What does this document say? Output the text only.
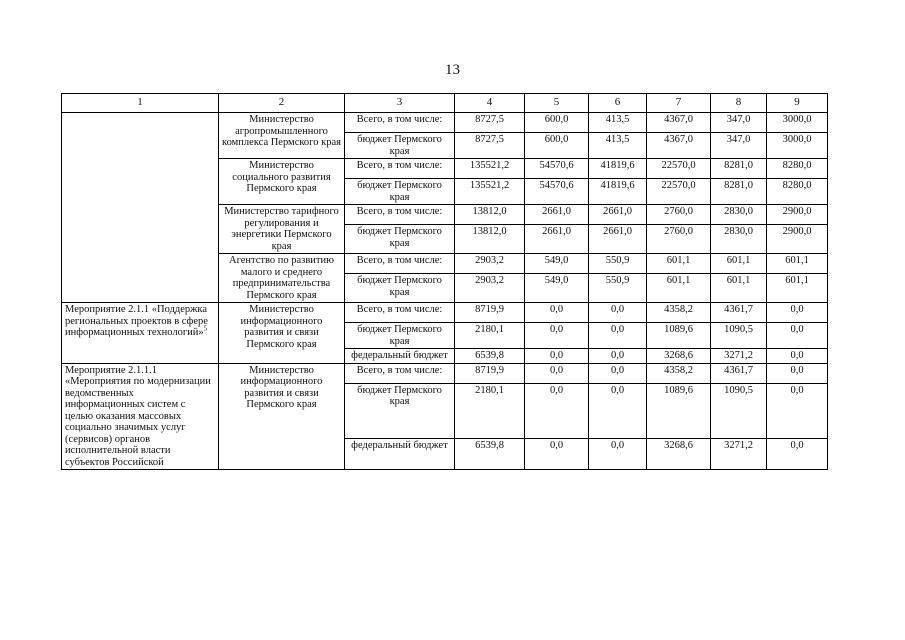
13
1	2	3	4	5	6	7	8	9
	Министерство агропромышленного комплекса Пермского края	Всего, в том числе:	8727,5	600,0	413,5	4367,0	347,0	3000,0
		бюджет Пермского края	8727,5	600,0	413,5	4367,0	347,0	3000,0
	Министерство социального развития Пермского края	Всего, в том числе:	135521,2	54570,6	41819,6	22570,0	8281,0	8280,0
		бюджет Пермского края	135521,2	54570,6	41819,6	22570,0	8281,0	8280,0
	Министерство тарифного регулирования и энергетики Пермского края	Всего, в том числе:	13812,0	2661,0	2661,0	2760,0	2830,0	2900,0
		бюджет Пермского края	13812,0	2661,0	2661,0	2760,0	2830,0	2900,0
	Агентство по развитию малого и среднего предпринимательства Пермского края	Всего, в том числе:	2903,2	549,0	550,9	601,1	601,1	601,1
		бюджет Пермского края	2903,2	549,0	550,9	601,1	601,1	601,1
Мероприятие 2.1.1 «Поддержка региональных проектов в сфере информационных технологий»$^5$	Министерство информационного развития и связи Пермского края	Всего, в том числе:	8719,9	0,0	0,0	4358,2	4361,7	0,0
		бюджет Пермского края	2180,1	0,0	0,0	1089,6	1090,5	0,0
		федеральный бюджет	6539,8	0,0	0,0	3268,6	3271,2	0,0
Мероприятие 2.1.1.1 «Мероприятия по модернизации ведомственных информационных систем с целью оказания массовых социально значимых услуг (сервисов) органов исполнительной власти субъектов Российской	Министерство информационного развития и связи Пермского края	Всего, в том числе:	8719,9	0,0	0,0	4358,2	4361,7	0,0
		бюджет Пермского края	2180,1	0,0	0,0	1089,6	1090,5	0,0
		федеральный бюджет	6539,8	0,0	0,0	3268,6	3271,2	0,0
